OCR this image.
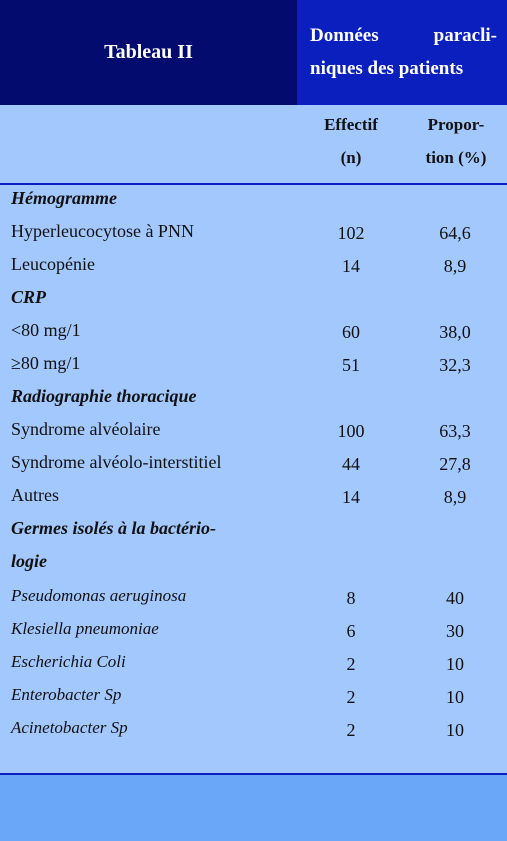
Tableau II
Données	paracli-
niques des patients
Effectif
(n)
Propor-
tion (%)
Hémogramme
Hyperleucocytose à PNN	102	64,6
Leucopénie	14	8,9
CRP
<80 mg/1	60	38,0
≥80 mg/1	51	32,3
Radiographie thoracique
Syndrome alvéolaire	100	63,3
Syndrome alvéolo-interstitiel	44	27,8
Autres	14	8,9
Germes isolés à la bactério-
logie
Pseudomonas aeruginosa	8	40
Klesiella pneumoniae	6	30
Escherichia Coli	2	10
Enterobacter Sp	2	10
Acinetobacter Sp	2	10
